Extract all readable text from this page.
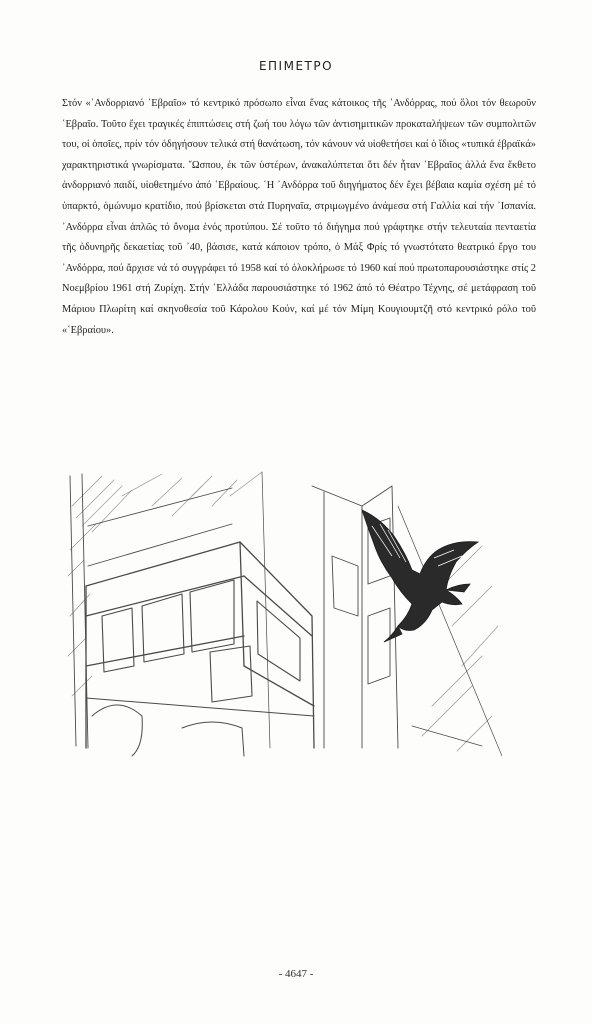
ΕΠΙΜΕΤΡΟ

Στόν «᾿Ανδορριανό ῾Εβραῖο» τό κεντρικό πρόσωπο εἶναι ἕνας κάτοικος τῆς ᾿Ανδόρρας, πού ὅλοι τόν θεωροῦν ῾Εβραῖο. Τοῦτο ἔχει τραγικές ἐπιπτώσεις στή ζωή του λόγω τῶν ἀντισημιτικῶν προκαταλήψεων τῶν συμπολιτῶν του, οἱ ὁποῖες, πρίν τόν ὁδηγήσουν τελικά στή θανάτωση, τόν κάνουν νά υἱοθετήσει καί ὁ ἴδιος «τυπικά ἑβραϊκά» χαρακτηριστικά γνωρίσματα. ῞Ωσπου, ἐκ τῶν ὑστέρων, ἀνακαλύπτεται ὅτι δέν ἦταν ῾Εβραῖος ἀλλά ἕνα ἔκθετο ἀνδορριανό παιδί, υἱοθετημένο ἀπό ῾Εβραίους. ῾Η ᾿Ανδόρρα τοῦ διηγήματος δέν ἔχει βέβαια καμία σχέση μέ τό ὑπαρκτό, ὁμώνυμο κρατίδιο, πού βρίσκεται στά Πυρηναῖα, στριμωγμένο ἀνάμεσα στή Γαλλία καί τήν ᾿Ισπανία. ᾿Ανδόρρα εἶναι ἁπλῶς τό ὄνομα ἑνός προτύπου. Σέ τοῦτο τό διήγημα πού γράφτηκε στήν τελευταία πενταετία τῆς ὀδυνηρῆς δεκαετίας τοῦ ᾿40, βάσισε, κατά κάποιον τρόπο, ὁ Μάξ Φρίς τό γνωστότατο θεατρικό ἔργο του ᾿Ανδόρρα, πού ἄρχισε νά τό συγγράφει τό 1958 καί τό ὁλοκλήρωσε τό 1960 καί πού πρωτοπαρουσιάστηκε στίς 2 Νοεμβρίου 1961 στή Ζυρίχη. Στήν ῾Ελλάδα παρουσιάστηκε τό 1962 ἀπό τό Θέατρο Τέχνης, σέ μετάφραση τοῦ Μάριου Πλωρίτη καί σκηνοθεσία τοῦ Κάρολου Κούν, καί μέ τόν Μίμη Κουγιουμτζῆ στό κεντρικό ρόλο τοῦ «῾Εβραίου».

- 4647 -
